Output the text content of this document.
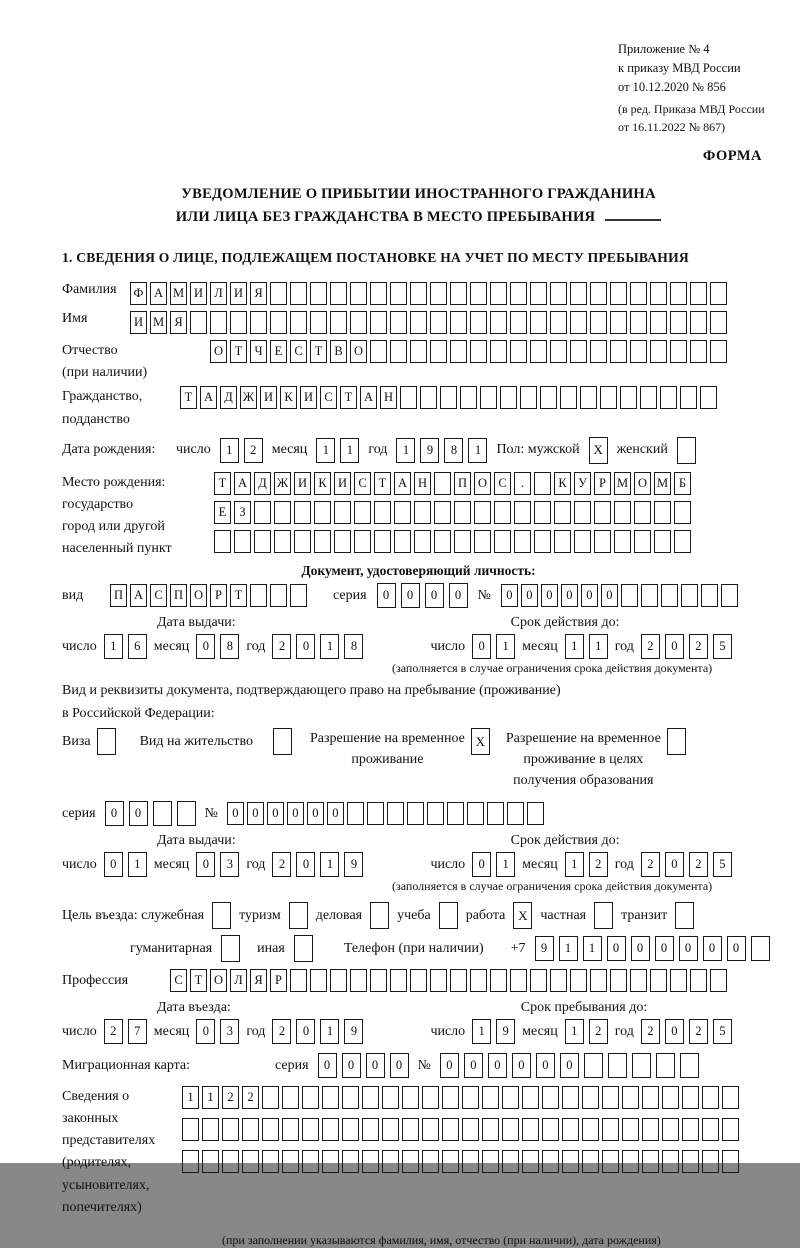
Приложение № 4
к приказу МВД России
от 10.12.2020 № 856
(в ред. Приказа МВД России
от 16.11.2022 № 867)
ФОРМА
УВЕДОМЛЕНИЕ О ПРИБЫТИИ ИНОСТРАННОГО ГРАЖДАНИНА
ИЛИ ЛИЦА БЕЗ ГРАЖДАНСТВА В МЕСТО ПРЕБЫВАНИЯ
1. СВЕДЕНИЯ О ЛИЦЕ, ПОДЛЕЖАЩЕМ ПОСТАНОВКЕ НА УЧЕТ ПО МЕСТУ ПРЕБЫВАНИЯ
Фамилия	Ф А М И Л И Я
Имя	И М Я
Отчество
(при наличии)
О Т Ч Е С Т В О
Гражданство,
подданство
Т А Д Ж И К И С Т А Н
Дата рождения:	число	1	2	месяц	1	1	год	1	9	8	1	Пол: мужской	X женский
Место рождения:
государство
город или другой
населенный пункт
Т А Д Ж И К И С Т А Н	П О С	.	К У Р М О М Б
Е	З
Документ, удостоверяющий личность:
вид	П А С П О Р	Т	серия	0	0	0	0	№	0	0	0	0	0	0
Дата выдачи:	Срок действия до:
число	1	6 месяц	0	8 год	2	0	1	8	число	0	1 месяц	1	1 год	2	0	2	5
(заполняется в случае ограничения срока действия документа)
Вид и реквизиты документа, подтверждающего право на пребывание (проживание)
в Российской Федерации:
Виза	Вид на жительство	Разрешение на временное
проживание
X	Разрешение на временное
проживание в целях
получения образования
серия	0	0	№	0	0	0	0	0	0
Дата выдачи:	Срок действия до:
число	0	1 месяц	0	3 год	2	0	1	9	число	0	1 месяц	1	2 год	2	0	2	5
(заполняется в случае ограничения срока действия документа)
Цель въезда: служебная	туризм	деловая	учеба	работа X частная	транзит
гуманитарная	иная	Телефон (при наличии) +7	9	1	1	0	0	0	0	0	0
Профессия	С Т О Л Я Р
Дата въезда:	Срок пребывания до:
число	2	7 месяц	0	3 год	2	0	1	9	число	1	9 месяц	1	2 год	2	0	2	5
Миграционная карта:	серия	0	0	0	0	№	0	0	0	0	0	0
Сведения о
законных
представителях
(родителях,
усыновителях,
попечителях)
1	1	2	2
(при заполнении указываются фамилия, имя, отчество (при наличии), дата рождения)
